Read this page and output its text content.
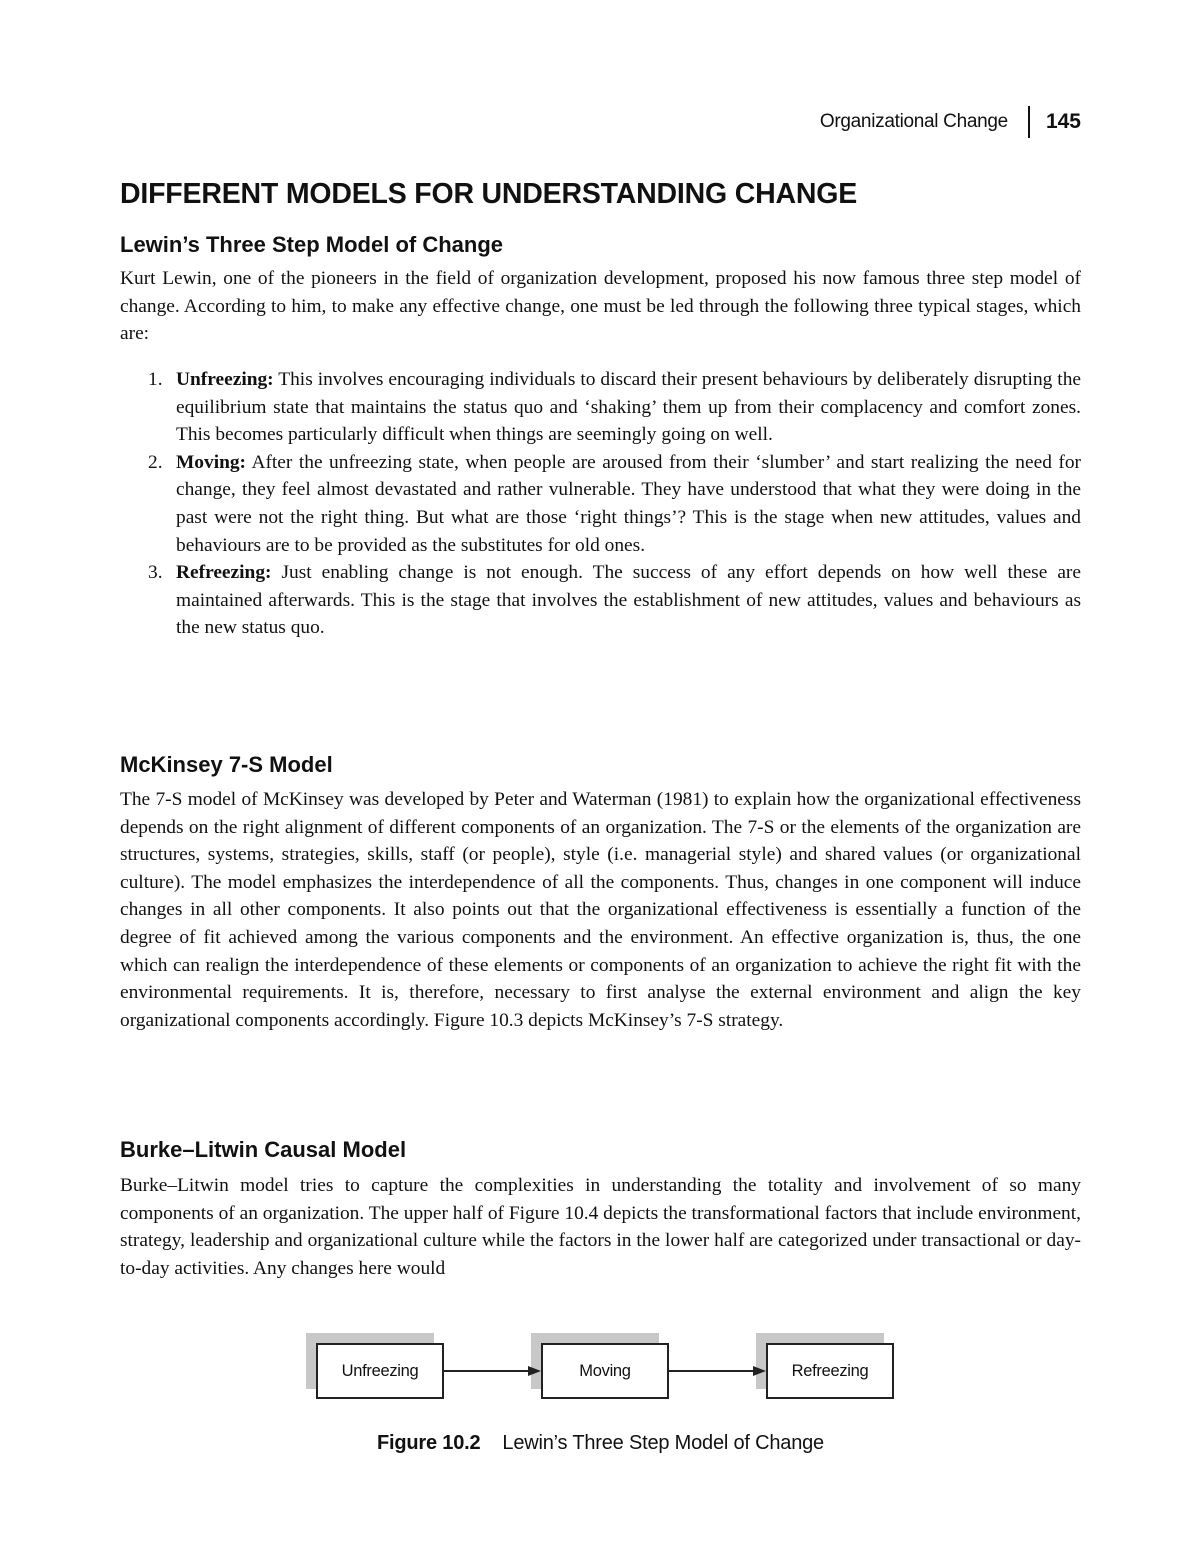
Organizational Change 145
DIFFERENT MODELS FOR UNDERSTANDING CHANGE
Lewin’s Three Step Model of Change

Kurt Lewin, one of the pioneers in the field of organization development, proposed his now famous three step model of change. According to him, to make any effective change, one must be led through the following three typical stages, which are:

1. Unfreezing: This involves encouraging individuals to discard their present behaviours by deliberately disrupting the equilibrium state that maintains the status quo and ‘shaking’ them up from their complacency and comfort zones. This becomes particularly difficult when things are seemingly going on well.
2. Moving: After the unfreezing state, when people are aroused from their ‘slumber’ and start realizing the need for change, they feel almost devastated and rather vulnerable. They have understood that what they were doing in the past were not the right thing. But what are those ‘right things’? This is the stage when new attitudes, values and behaviours are to be provided as the substitutes for old ones.
3. Refreezing: Just enabling change is not enough. The success of any effort depends on how well these are maintained afterwards. This is the stage that involves the establishment of new attitudes, values and behaviours as the new status quo.
McKinsey 7-S Model

The 7-S model of McKinsey was developed by Peter and Waterman (1981) to explain how the organizational effectiveness depends on the right alignment of different components of an organization. The 7-S or the elements of the organization are structures, systems, strategies, skills, staff (or people), style (i.e. managerial style) and shared values (or organizational culture). The model emphasizes the interdependence of all the components. Thus, changes in one component will induce changes in all other components. It also points out that the organizational effectiveness is essentially a function of the degree of fit achieved among the various components and the environment. An effective organization is, thus, the one which can realign the interdependence of these elements or components of an organization to achieve the right fit with the environmental requirements. It is, therefore, necessary to first analyse the external environment and align the key organizational components accordingly. Figure 10.3 depicts McKinsey’s 7-S strategy.

Burke–Litwin Causal Model

Burke–Litwin model tries to capture the complexities in understanding the totality and involvement of so many components of an organization. The upper half of Figure 10.4 depicts the transformational factors that include environment, strategy, leadership and organizational culture while the factors in the lower half are categorized under transactional or day-to-day activities. Any changes here would

Unfreezing	Moving	Refreezing
Figure 10.2 Lewin’s Three Step Model of Change
